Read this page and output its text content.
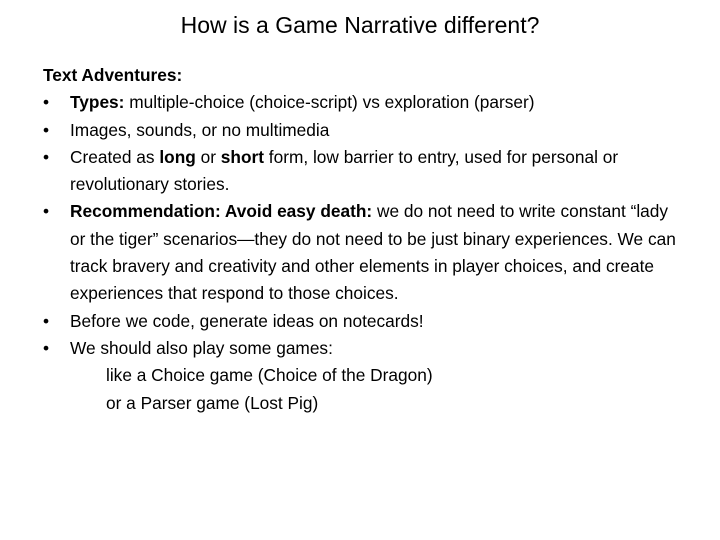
How is a Game Narrative different?

Text Adventures:

• Types: multiple-choice (choice-script) vs exploration (parser)
• Images, sounds, or no multimedia
• Created as long or short form, low barrier to entry, used for personal or revolutionary stories.
• Recommendation: Avoid easy death: we do not need to write constant “lady or the tiger” scenarios—they do not need to be just binary experiences. We can track bravery and creativity and other elements in player choices, and create experiences that respond to those choices.
• Before we code, generate ideas on notecards!
• We should also play some games:

like a Choice game (Choice of the Dragon)

or a Parser game (Lost Pig)
